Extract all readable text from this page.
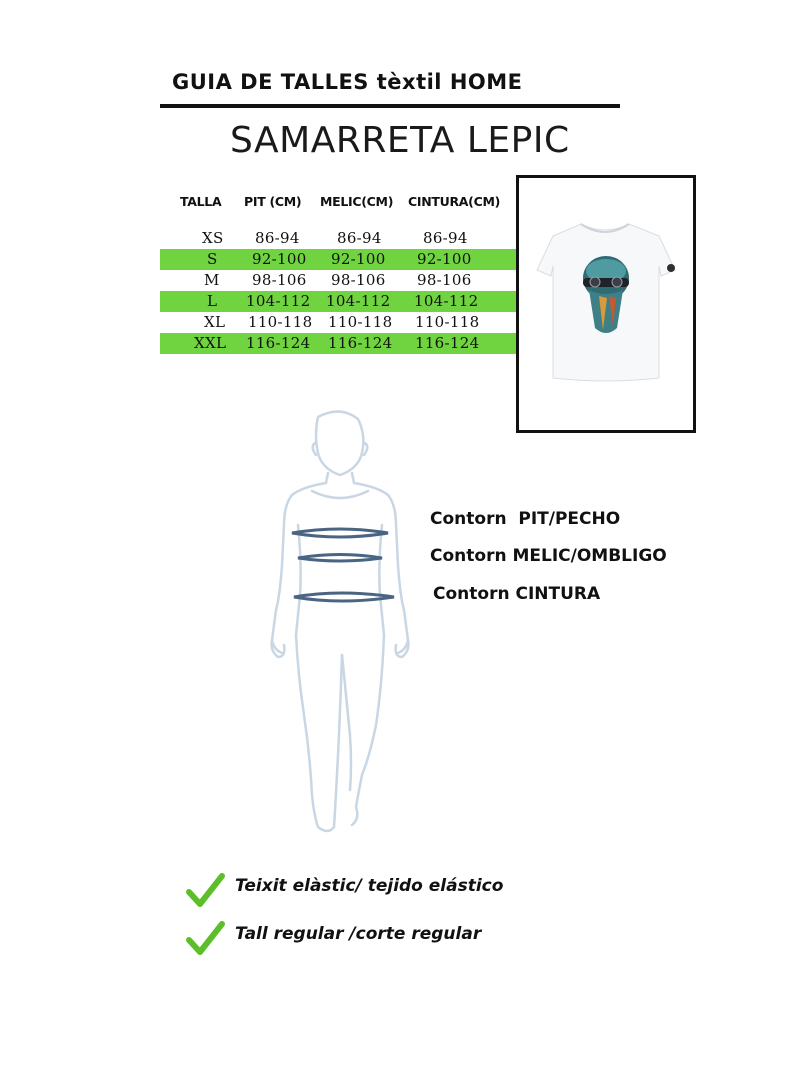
GUIA DE TALLES tèxtil HOME
SAMARRETA LEPIC
TALLA PIT (CM) MELIC(CM) CINTURA(CM)
XS 86-94 86-94	86-94
S 92-100 92-100 92-100
M 98-106 98-106 98-106
L 104-112 104-112 104-112
XL 110-118 110-118 110-118
XXL 116-124 116-124 116-124
Contorn  PIT/PECHO
Contorn MELIC/OMBLIGO
Contorn CINTURA
Teixit elàstic/ tejido elástico
Tall regular /corte regular
